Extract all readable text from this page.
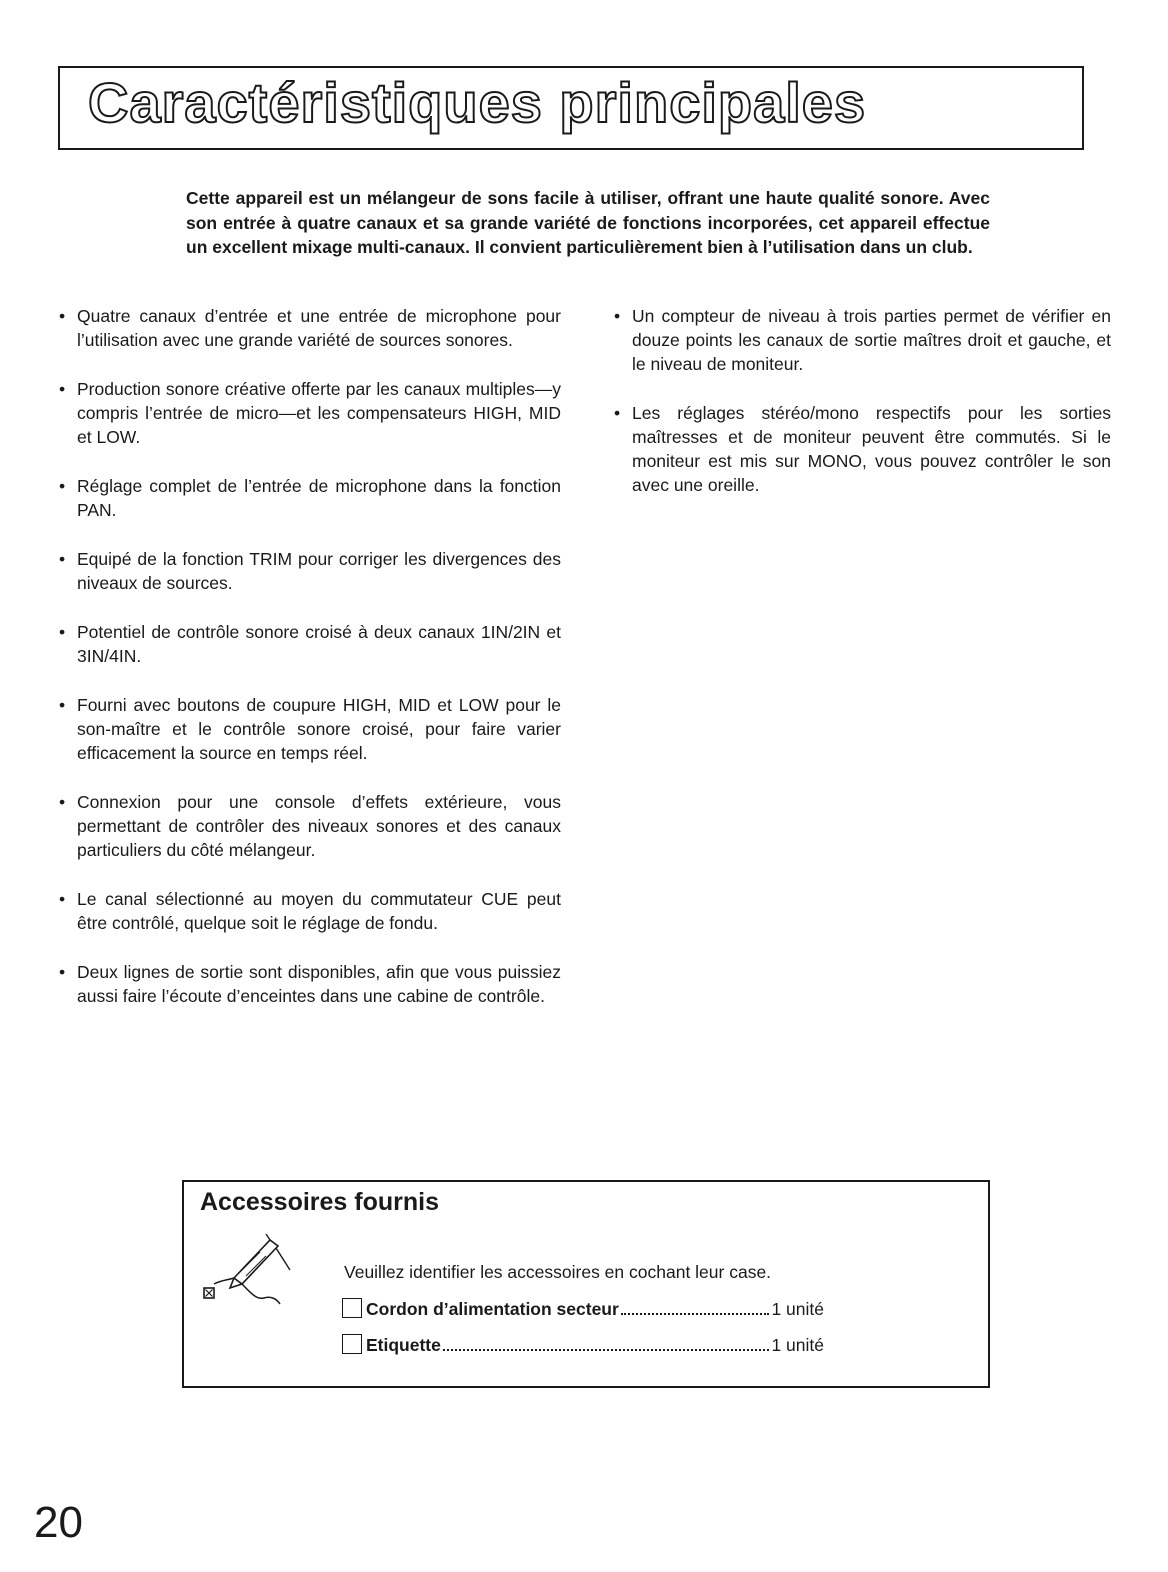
Caractéristiques principales

Cette appareil est un mélangeur de sons facile à utiliser, offrant une haute qualité sonore. Avec son entrée à quatre canaux et sa grande variété de fonctions incorporées, cet appareil effectue un excellent mixage multi-canaux. Il convient particulièrement bien à l’utilisation dans un club.

• Quatre canaux d’entrée et une entrée de microphone pour l’utilisation avec une grande variété de sources sonores.
• Production sonore créative offerte par les canaux multiples—y compris l’entrée de micro—et les compensateurs HIGH, MID et LOW.
• Réglage complet de l’entrée de microphone dans la fonction PAN.
• Equipé de la fonction TRIM pour corriger les divergences des niveaux de sources.
• Potentiel de contrôle sonore croisé à deux canaux 1IN/2IN et 3IN/4IN.
• Fourni avec boutons de coupure HIGH, MID et LOW pour le son-maître et le contrôle sonore croisé, pour faire varier efficacement la source en temps réel.
• Connexion pour une console d’effets extérieure, vous permettant de contrôler des niveaux sonores et des canaux particuliers du côté mélangeur.
• Le canal sélectionné au moyen du commutateur CUE peut être contrôlé, quelque soit le réglage de fondu.
• Deux lignes de sortie sont disponibles, afin que vous puissiez aussi faire l’écoute d’enceintes dans une cabine de contrôle.
• Un compteur de niveau à trois parties permet de vérifier en douze points les canaux de sortie maîtres droit et gauche, et le niveau de moniteur.
• Les réglages stéréo/mono respectifs pour les sorties maîtresses et de moniteur peuvent être commutés. Si le moniteur est mis sur MONO, vous pouvez contrôler le son avec une oreille.
Accessoires fournis

Veuillez identifier les accessoires en cochant leur case.

Cordon d’alimentation secteur	1 unité
Etiquette	1 unité

20
